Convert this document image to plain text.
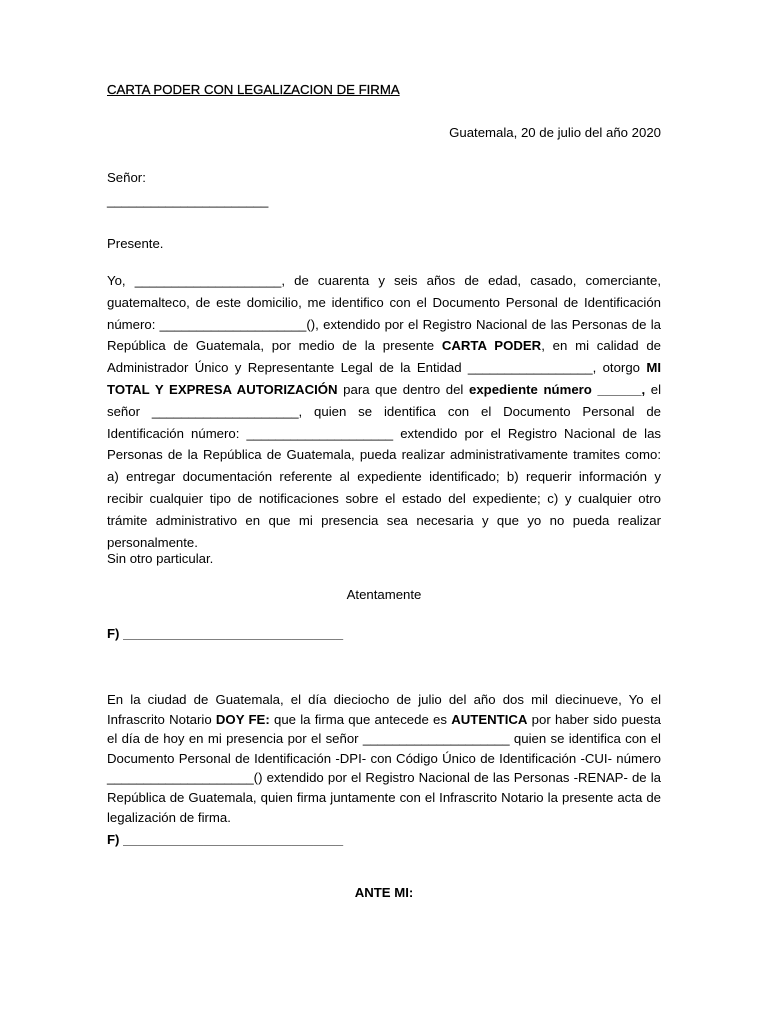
CARTA PODER CON LEGALIZACION DE FIRMA
Guatemala, 20 de julio del año 2020
Señor:
______________________
Presente.

Yo, ____________________, de cuarenta y seis años de edad, casado, comerciante, guatemalteco, de este domicilio, me identifico con el Documento Personal de Identificación número: ____________________(), extendido por el Registro Nacional de las Personas de la República de Guatemala, por medio de la presente CARTA PODER, en mi calidad de Administrador Único y Representante Legal de la Entidad _________________, otorgo MI TOTAL Y EXPRESA AUTORIZACIÓN para que dentro del expediente número ______, el señor ____________________, quien se identifica con el Documento Personal de Identificación número: ____________________ extendido por el Registro Nacional de las Personas de la República de Guatemala, pueda realizar administrativamente tramites como: a) entregar documentación referente al expediente identificado; b) requerir información y recibir cualquier tipo de notificaciones sobre el estado del expediente; c) y cualquier otro trámite administrativo en que mi presencia sea necesaria y que yo no pueda realizar personalmente.

Sin otro particular.
Atentamente
F) ______________________________

En la ciudad de Guatemala, el día dieciocho de julio del año dos mil diecinueve, Yo el Infrascrito Notario DOY FE: que la firma que antecede es AUTENTICA por haber sido puesta el día de hoy en mi presencia por el señor ____________________ quien se identifica con el Documento Personal de Identificación -DPI- con Código Único de Identificación -CUI- número ____________________() extendido por el Registro Nacional de las Personas -RENAP- de la República de Guatemala, quien firma juntamente con el Infrascrito Notario la presente acta de legalización de firma.

F) ______________________________
ANTE MI:
